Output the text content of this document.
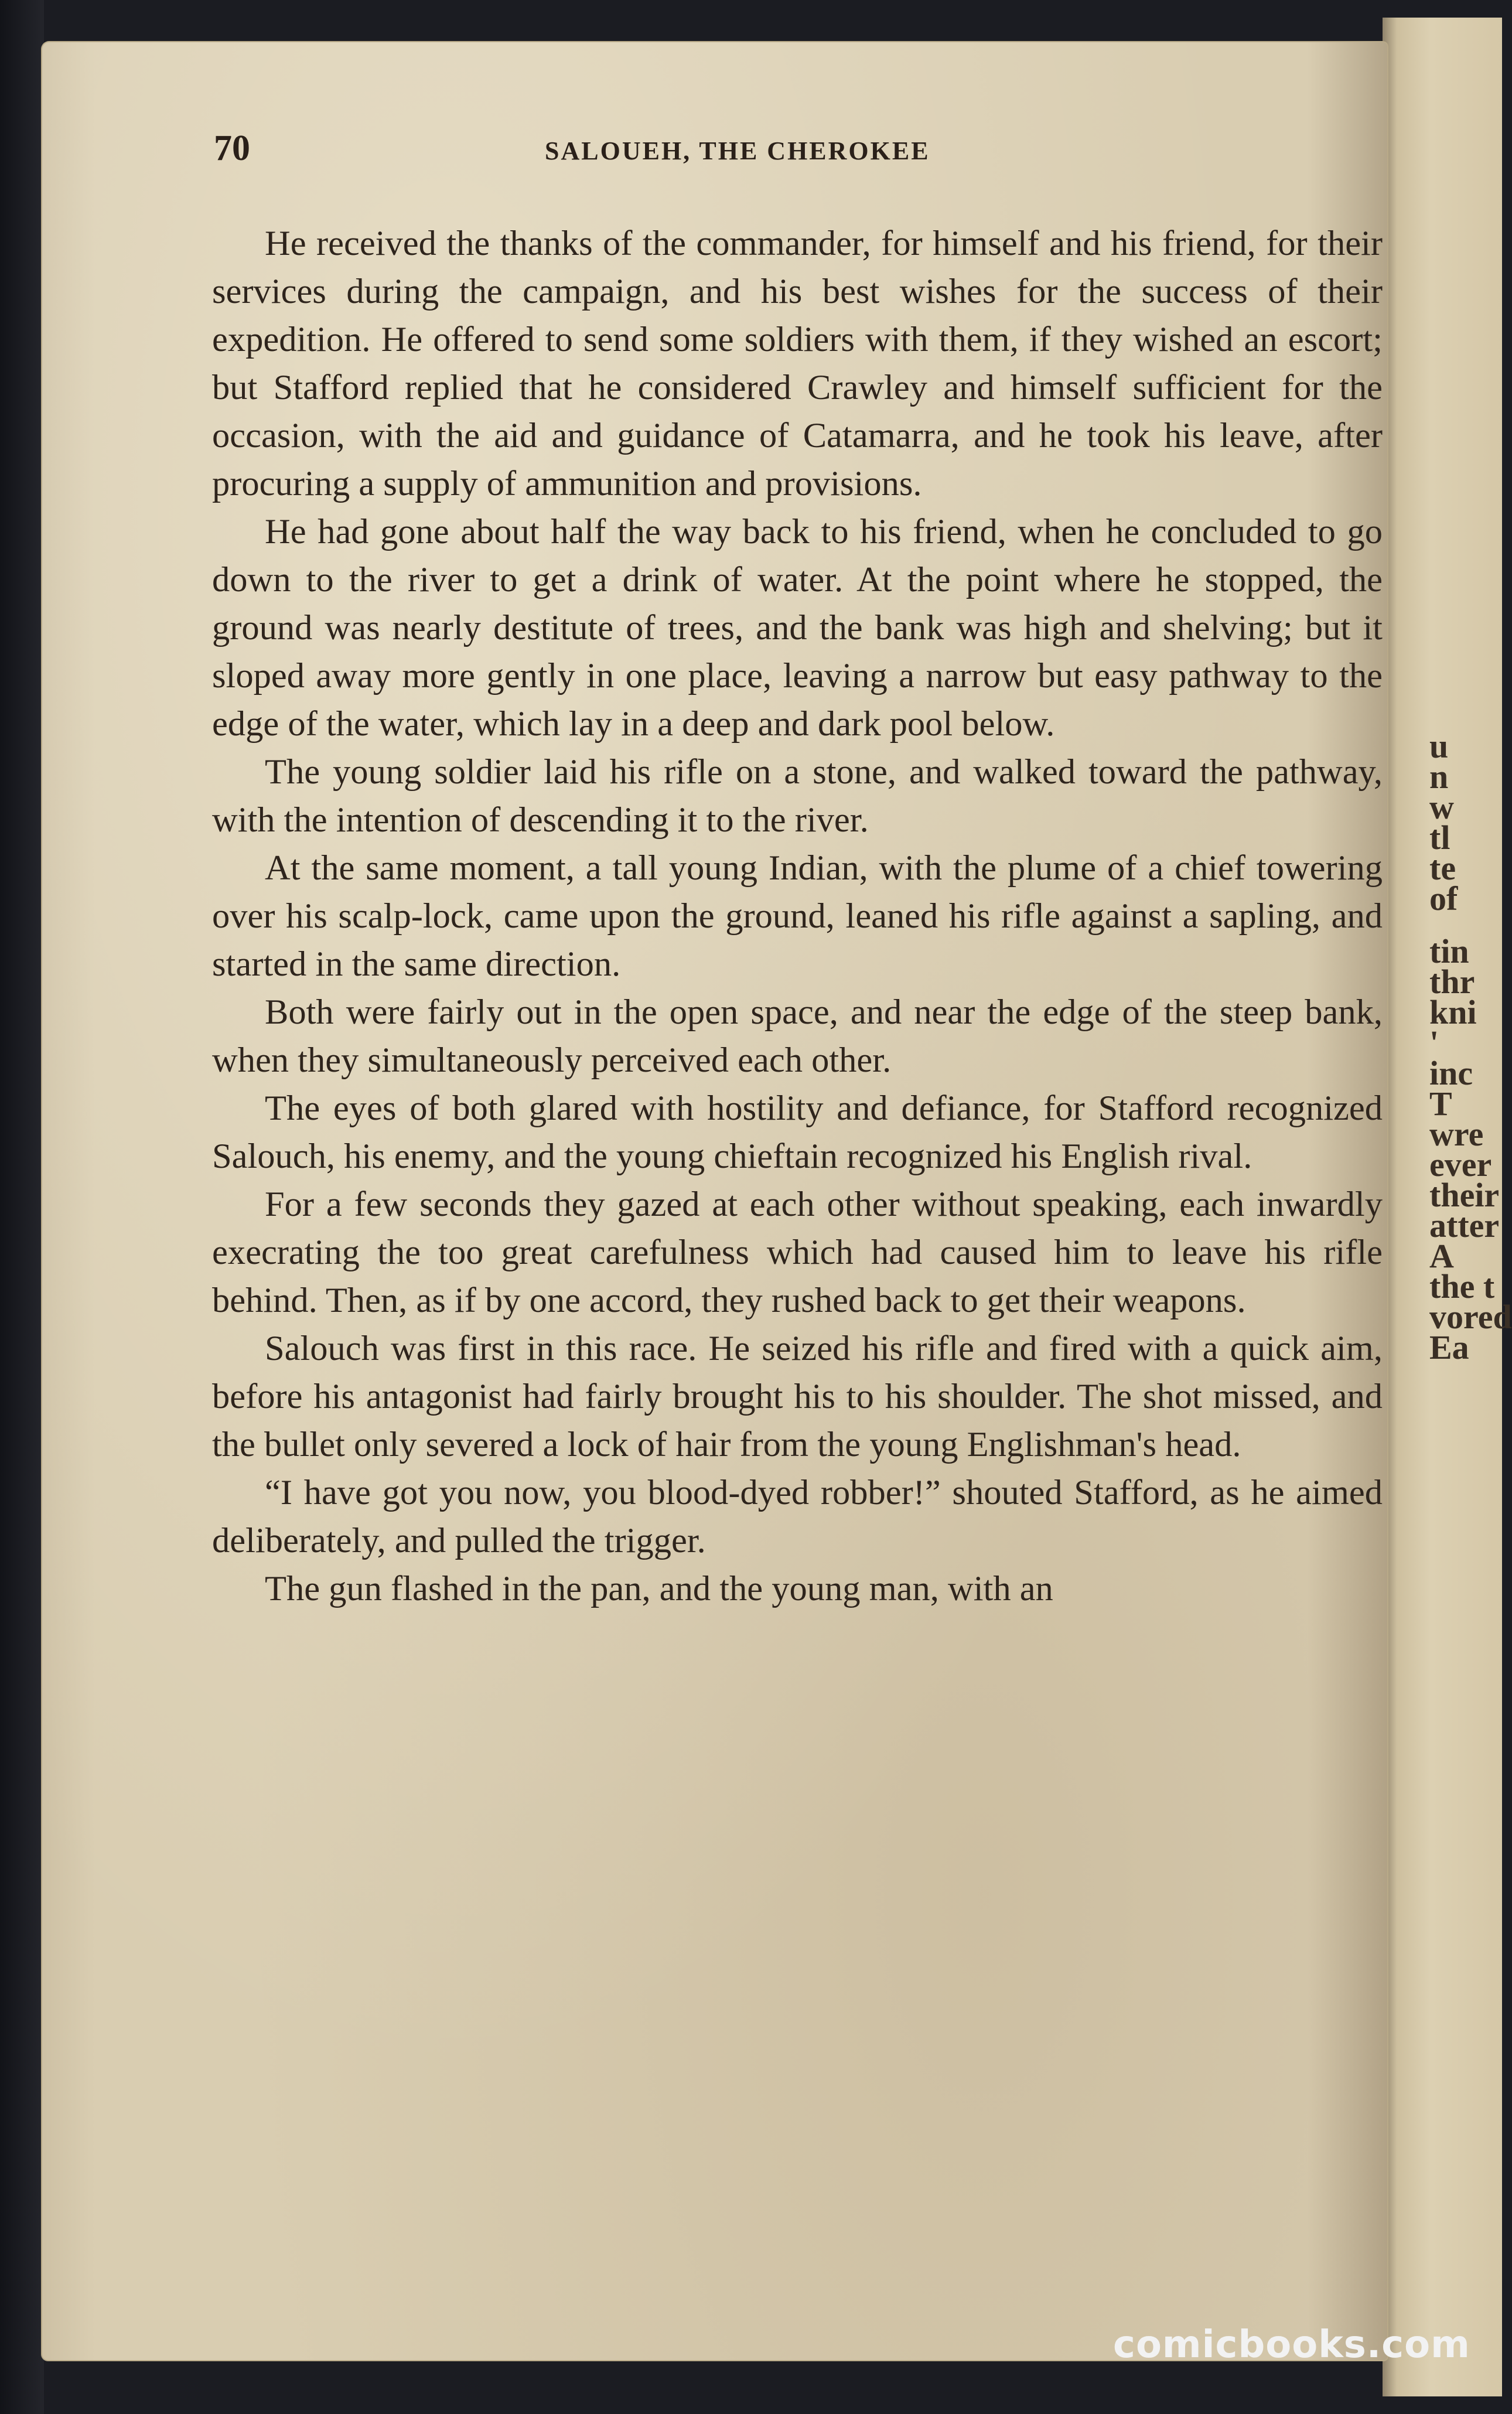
u
n
w
tl
te
of
tin
thr
kni
'
inc
T
wre
ever
their
atter
A
the t
vored
Ea
70	SALOUEH, THE CHEROKEE

He received the thanks of the commander, for himself and his friend, for their services during the campaign, and his best wishes for the success of their expedition. He offered to send some soldiers with them, if they wished an escort; but Stafford replied that he considered Crawley and himself sufficient for the occasion, with the aid and guidance of Catamarra, and he took his leave, after procuring a supply of ammunition and provisions.

He had gone about half the way back to his friend, when he concluded to go down to the river to get a drink of water. At the point where he stopped, the ground was nearly destitute of trees, and the bank was high and shelving; but it sloped away more gently in one place, leaving a narrow but easy pathway to the edge of the water, which lay in a deep and dark pool below.

The young soldier laid his rifle on a stone, and walked toward the pathway, with the intention of descending it to the river.

At the same moment, a tall young Indian, with the plume of a chief towering over his scalp-lock, came upon the ground, leaned his rifle against a sapling, and started in the same direction.

Both were fairly out in the open space, and near the edge of the steep bank, when they simultaneously perceived each other.

The eyes of both glared with hostility and defiance, for Stafford recognized Salouch, his enemy, and the young chieftain recognized his English rival.

For a few seconds they gazed at each other without speaking, each inwardly execrating the too great carefulness which had caused him to leave his rifle behind. Then, as if by one accord, they rushed back to get their weapons.

Salouch was first in this race. He seized his rifle and fired with a quick aim, before his antagonist had fairly brought his to his shoulder. The shot missed, and the bullet only severed a lock of hair from the young Englishman's head.

“I have got you now, you blood-dyed robber!” shouted Stafford, as he aimed deliberately, and pulled the trigger.

The gun flashed in the pan, and the young man, with an

comicbooks.com
